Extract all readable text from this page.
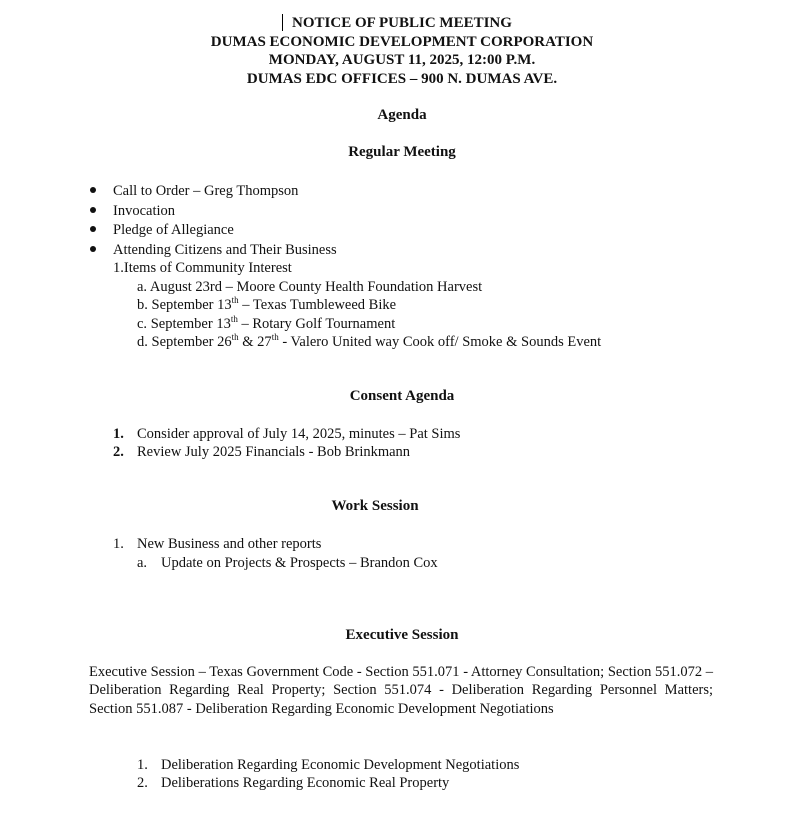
NOTICE OF PUBLIC MEETING
DUMAS ECONOMIC DEVELOPMENT CORPORATION
MONDAY, AUGUST 11, 2025, 12:00 P.M.
DUMAS EDC OFFICES – 900 N. DUMAS AVE.
Agenda
Regular Meeting
Call to Order – Greg Thompson
Invocation
Pledge of Allegiance
Attending Citizens and Their Business
1.Items of Community Interest
a. August 23rd – Moore County Health Foundation Harvest
b. September 13th – Texas Tumbleweed Bike
c. September 13th – Rotary Golf Tournament
d. September 26th & 27th - Valero United way Cook off/ Smoke & Sounds Event
Consent Agenda
1. Consider approval of July 14, 2025, minutes – Pat Sims
2. Review July 2025 Financials - Bob Brinkmann
Work Session
1. New Business and other reports
a. Update on Projects & Prospects – Brandon Cox
Executive Session
Executive Session – Texas Government Code - Section 551.071 - Attorney Consultation; Section 551.072 – Deliberation Regarding Real Property; Section 551.074 - Deliberation Regarding Personnel Matters; Section 551.087 - Deliberation Regarding Economic Development Negotiations
1. Deliberation Regarding Economic Development Negotiations
2. Deliberations Regarding Economic Real Property
